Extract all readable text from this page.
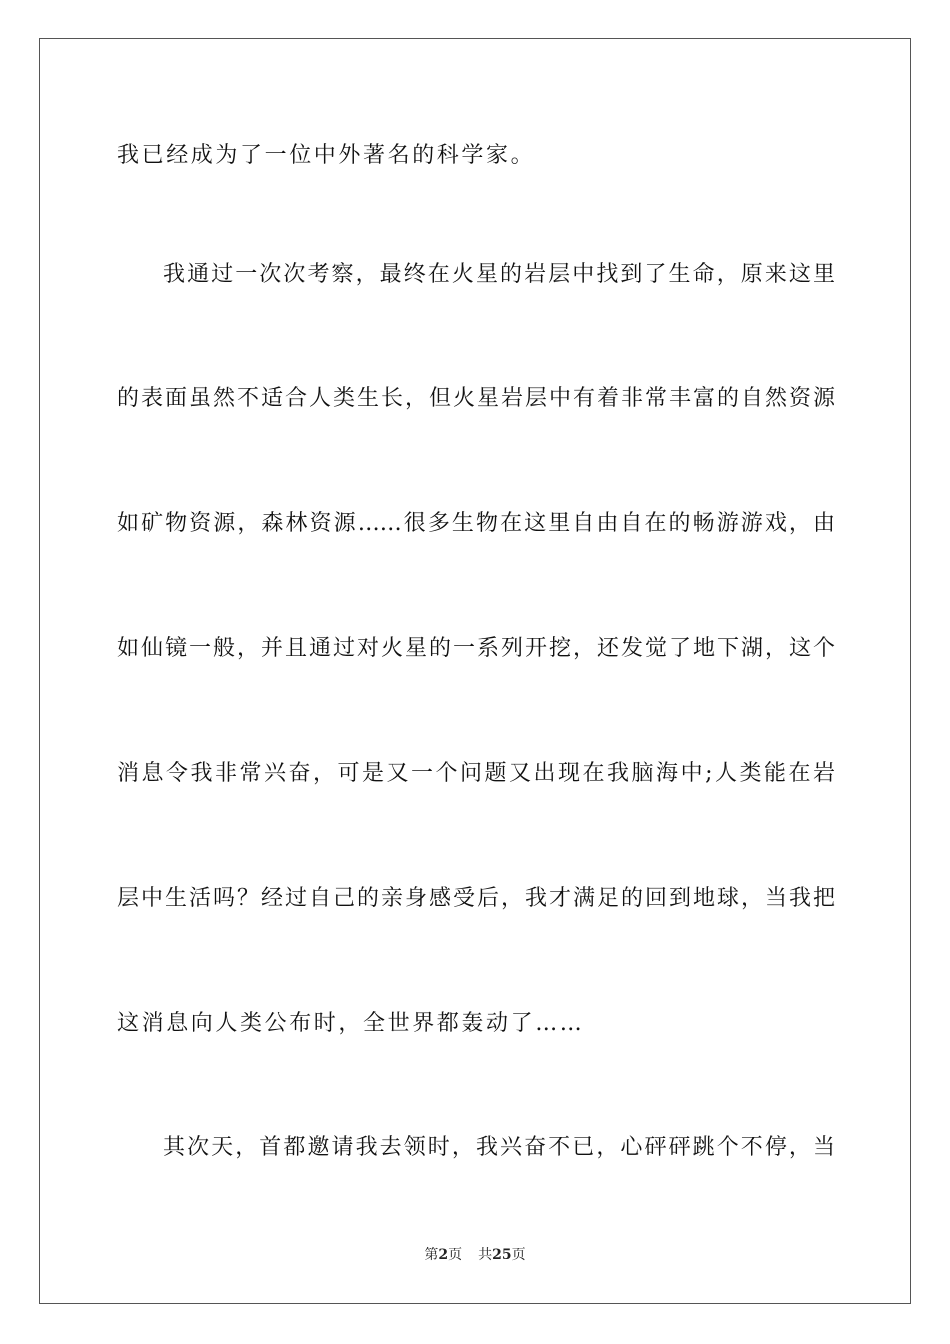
我已经成为了一位中外著名的科学家。
我通过一次次考察，最终在火星的岩层中找到了生命，原来这里
的表面虽然不适合人类生长，但火星岩层中有着非常丰富的自然资源
如矿物资源，森林资源……很多生物在这里自由自在的畅游游戏，由
如仙镜一般，并且通过对火星的一系列开挖，还发觉了地下湖，这个
消息令我非常兴奋，可是又一个问题又出现在我脑海中;人类能在岩
层中生活吗？经过自己的亲身感受后，我才满足的回到地球，当我把
这消息向人类公布时，全世界都轰动了……
其次天，首都邀请我去领时，我兴奋不已，心砰砰跳个不停，当
第2页 共25页
